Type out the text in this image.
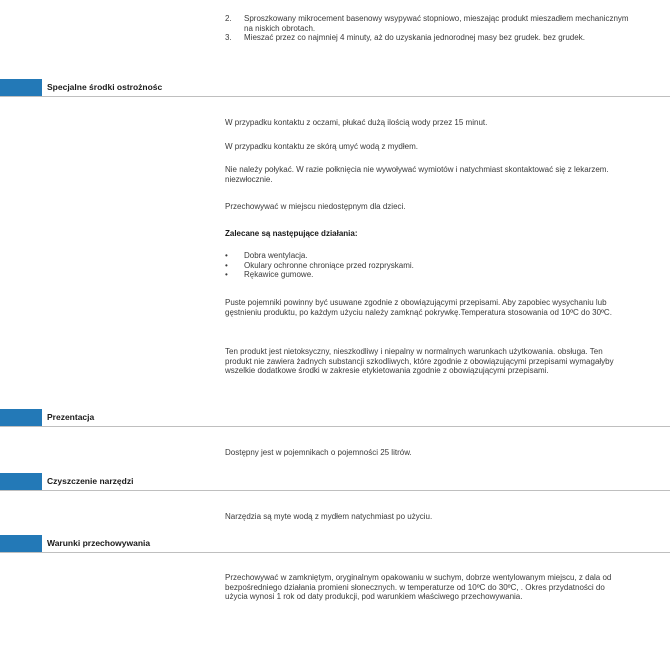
2.	Sproszkowany mikrocement basenowy wsypywać stopniowo, mieszając produkt mieszadłem mechanicznym na niskich obrotach.
3.	Mieszać przez co najmniej 4 minuty, aż do uzyskania jednorodnej masy bez grudek. bez grudek.
Specjalne środki ostrożnośc
W przypadku kontaktu z oczami, płukać dużą ilością wody przez 15 minut.
W przypadku kontaktu ze skórą umyć wodą z mydłem.
Nie należy połykać. W razie połknięcia nie wywoływać wymiotów i natychmiast skontaktować się z lekarzem. niezwłocznie.
Przechowywać w miejscu niedostępnym dla dzieci.
Zalecane są następujące działania:
•	Dobra wentylacja.
•	Okulary ochronne chroniące przed rozpryskami.
•	Rękawice gumowe.
Puste pojemniki powinny być usuwane zgodnie z obowiązującymi przepisami. Aby zapobiec wysychaniu lub gęstnieniu produktu, po każdym użyciu należy zamknąć pokrywkę.Temperatura stosowania od 10ºC do 30ºC.
Ten produkt jest nietoksyczny, nieszkodliwy i niepalny w normalnych warunkach użytkowania. obsługa. Ten produkt nie zawiera żadnych substancji szkodliwych, które zgodnie z obowiązującymi przepisami wymagałyby wszelkie dodatkowe środki w zakresie etykietowania zgodnie z obowiązującymi przepisami.
Prezentacja
Dostępny jest w pojemnikach o pojemności 25 litrów.
Czyszczenie narzędzi
Narzędzia są myte wodą z mydłem natychmiast po użyciu.
Warunki przechowywania
Przechowywać w zamkniętym, oryginalnym opakowaniu w suchym, dobrze wentylowanym miejscu, z dala od bezpośredniego działania promieni słonecznych. w temperaturze od 10ºC do 30ºC, . Okres przydatności do użycia wynosi 1 rok od daty produkcji, pod warunkiem właściwego przechowywania.
